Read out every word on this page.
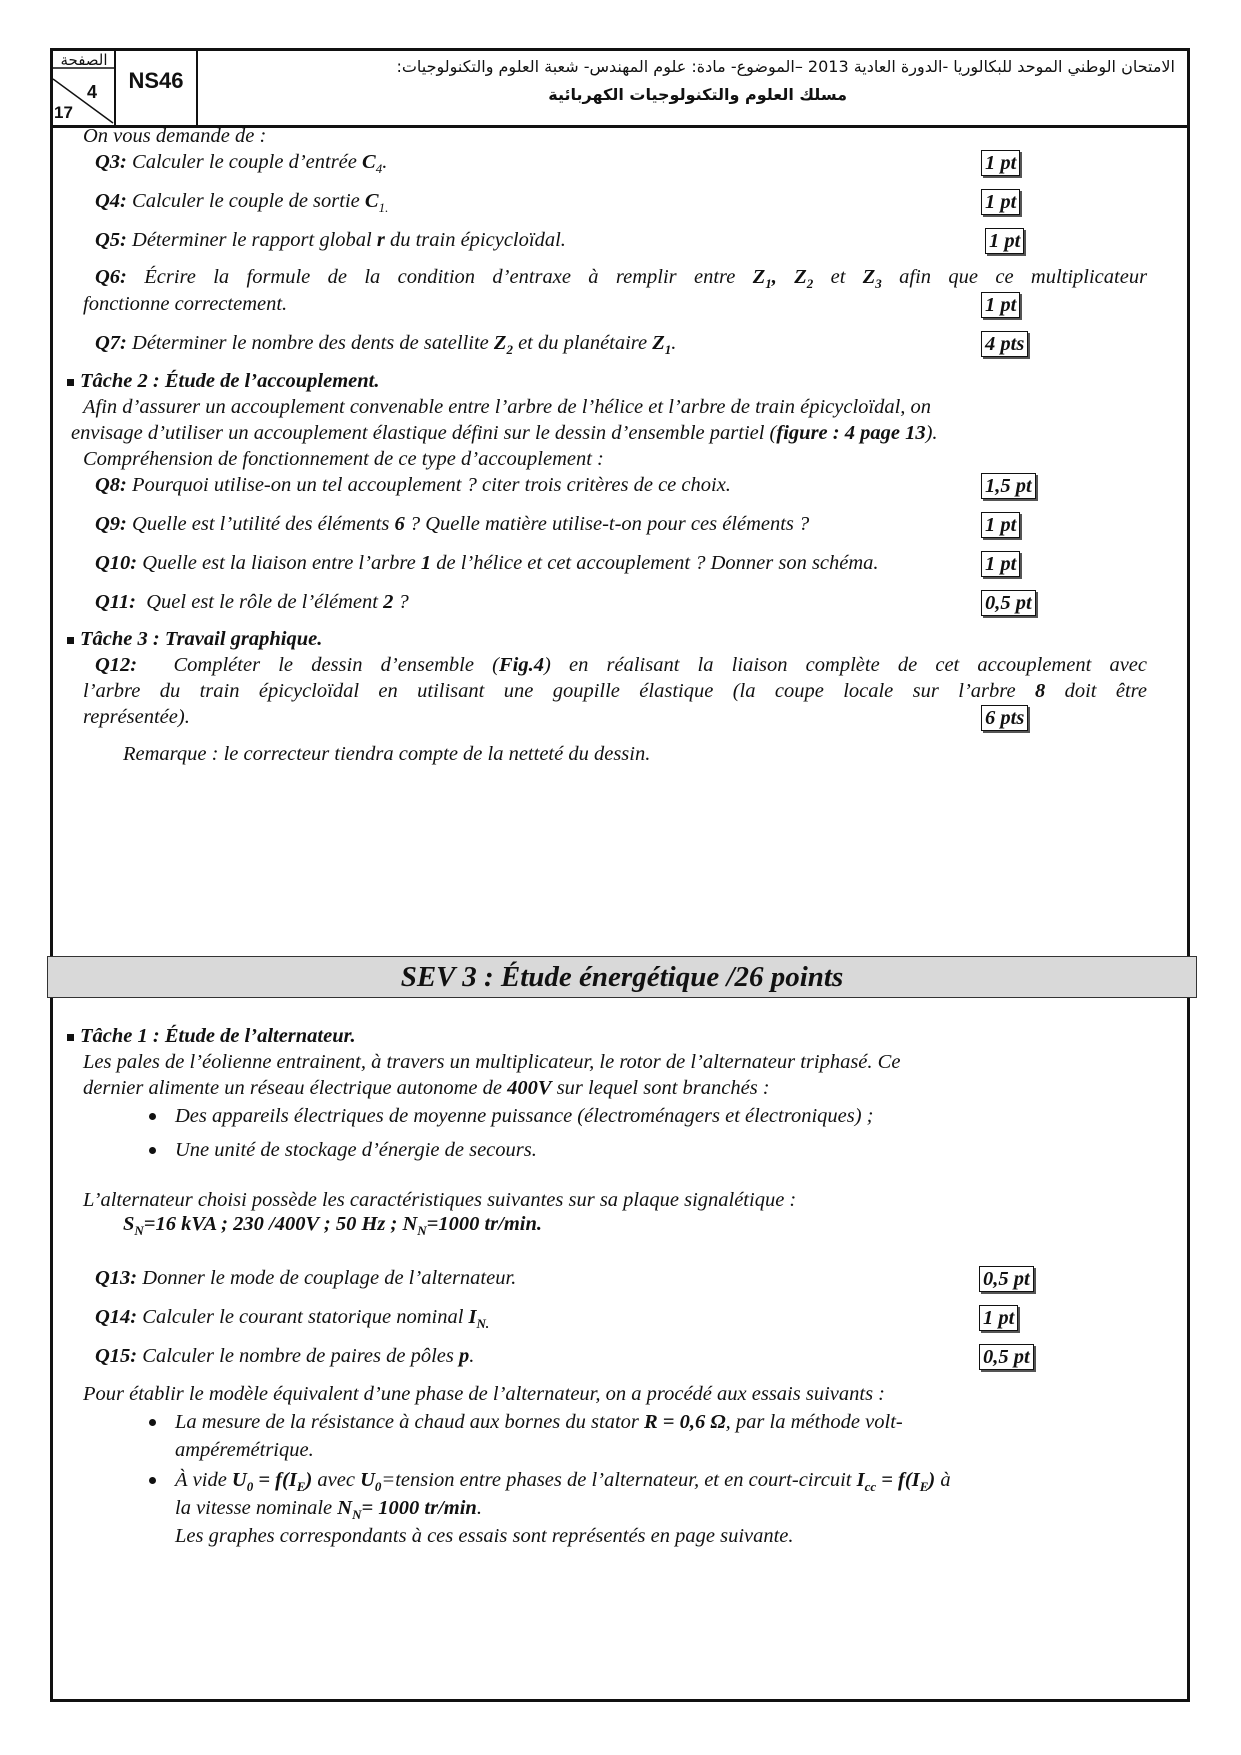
الصفحة
4
17
NS46
الامتحان الوطني الموحد للبكالوريا -الدورة العادية 2013 –الموضوع- مادة: علوم المهندس- شعبة العلوم والتكنولوجيات:
مسلك العلوم والتكنولوجيات الكهربائية
On vous demande de :
Q3: Calculer le couple d’entrée $C_4$.	1 pt
Q4: Calculer le couple de sortie $C_{1.}$	1 pt
Q5: Déterminer le rapport global r du train épicycloïdal.	1 pt
Q6: Écrire la formule de la condition d’entraxe à remplir entre $Z_1$, $Z_2$ et $Z_3$ afin que ce multiplicateur
fonctionne correctement.	1 pt
Q7: Déterminer le nombre des dents de satellite $Z_2$ et du planétaire $Z_1$.	4 pts
Tâche 2 : Étude de l’accouplement.
Afin d’assurer un accouplement convenable entre l’arbre de l’hélice et l’arbre de train épicycloïdal, on
envisage d’utiliser un accouplement élastique défini sur le dessin d’ensemble partiel (figure : 4 page 13).
Compréhension de fonctionnement de ce type d’accouplement :
Q8: Pourquoi utilise-on un tel accouplement ? citer trois critères de ce choix.	1,5 pt
Q9: Quelle est l’utilité des éléments 6 ? Quelle matière utilise-t-on pour ces éléments ?	1 pt
Q10: Quelle est la liaison entre l’arbre 1 de l’hélice et cet accouplement ? Donner son schéma.	1 pt
Q11: Quel est le rôle de l’élément 2 ?	0,5 pt
Tâche 3 : Travail graphique.
Q12: Compléter le dessin d’ensemble (Fig.4) en réalisant la liaison complète de cet accouplement avec
l’arbre du train épicycloïdal en utilisant une goupille élastique (la coupe locale sur l’arbre 8 doit être
représentée).	6 pts
Remarque : le correcteur tiendra compte de la netteté du dessin.
SEV 3 : Étude énergétique /26 points
Tâche 1 : Étude de l’alternateur.
Les pales de l’éolienne entrainent, à travers un multiplicateur, le rotor de l’alternateur triphasé. Ce
dernier alimente un réseau électrique autonome de 400V sur lequel sont branchés :
Des appareils électriques de moyenne puissance (électroménagers et électroniques) ;
Une unité de stockage d’énergie de secours.
L’alternateur choisi possède les caractéristiques suivantes sur sa plaque signalétique :
$S_N=16$ kVA ; 230 /400V ; 50 Hz ; $N_N=1000$ tr/min.
Q13: Donner le mode de couplage de l’alternateur.	0,5 pt
Q14: Calculer le courant statorique nominal $I_{N.}$	1 pt
Q15: Calculer le nombre de paires de pôles p.	0,5 pt
Pour établir le modèle équivalent d’une phase de l’alternateur, on a procédé aux essais suivants :
La mesure de la résistance à chaud aux bornes du stator R = 0,6 Ω, par la méthode volt-
ampéremétrique.
À vide $U_0 = f(I_E)$ avec $U_0=tension$ entre phases de l’alternateur, et en court-circuit $I_{cc} = f(I_E)$ à
la vitesse nominale $N_N= 1000$ tr/min.
Les graphes correspondants à ces essais sont représentés en page suivante.
